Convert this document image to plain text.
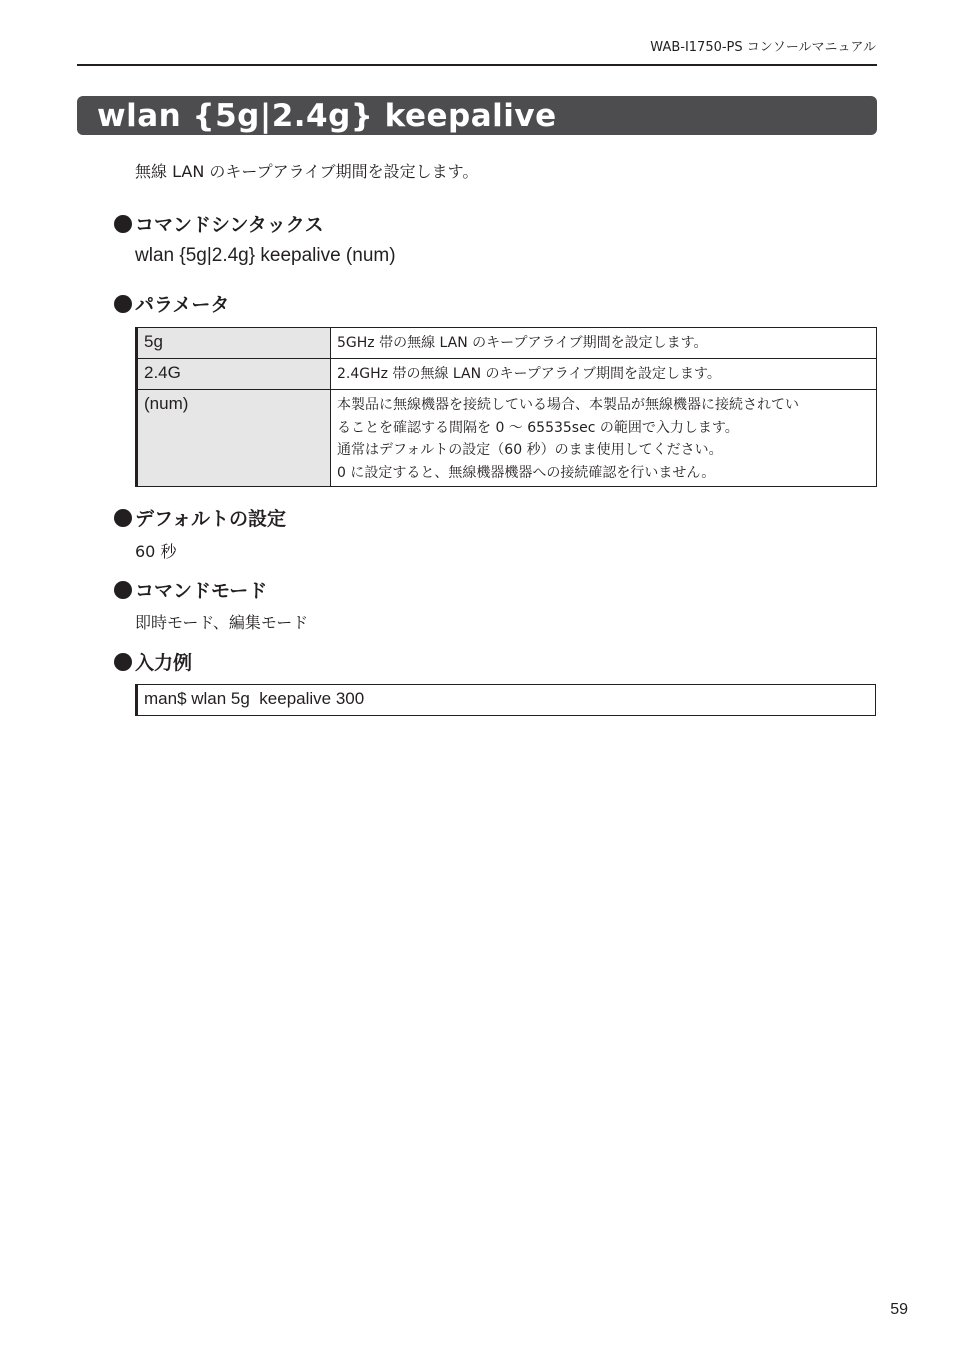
WAB-I1750-PS コンソールマニュアル
wlan {5g|2.4g} keepalive
無線 LAN のキープアライブ期間を設定します。
コマンドシンタックス
wlan {5g|2.4g} keepalive (num)
パラメータ
5g	5GHz 帯の無線 LAN のキープアライブ期間を設定します。

2.4G	2.4GHz 帯の無線 LAN のキープアライブ期間を設定します。

(num)	本製品に無線機器を接続している場合、本製品が無線機器に接続されてい
ることを確認する間隔を 0 〜 65535sec の範囲で入力します。
通常はデフォルトの設定（60 秒）のまま使用してください。
0 に設定すると、無線機器機器への接続確認を行いません。
デフォルトの設定
60 秒
コマンドモード
即時モード、編集モード
入力例
man$ wlan 5g  keepalive 300
59
